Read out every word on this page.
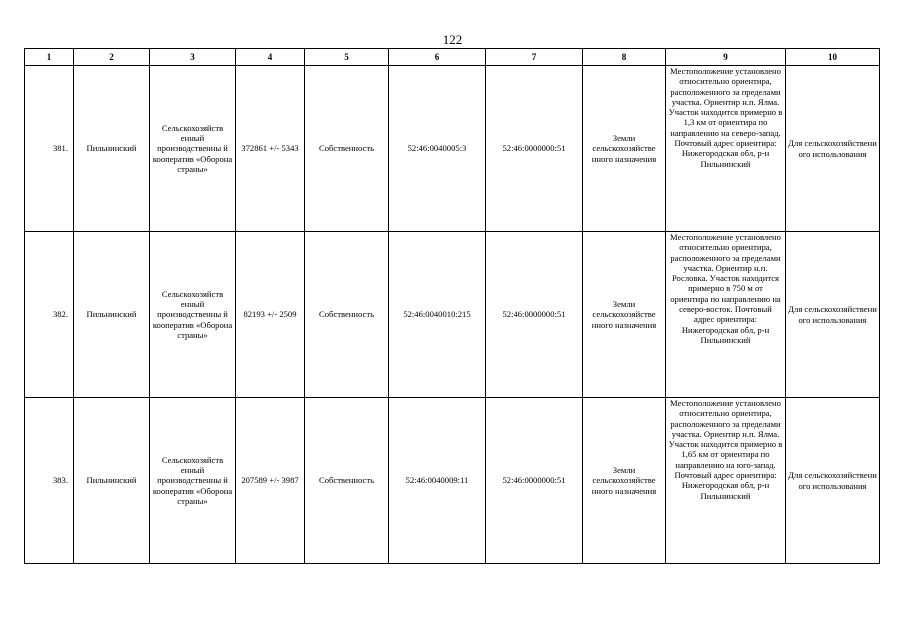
122
1	2	3	4	5	6	7	8	9	10
381.	Пильнинский	Сельскохозяйств енный производственны й кооператив «Оборона страны»	372861 +/- 5343	Собственность	52:46:0040005:3	52:46:0000000:51	Земли сельскохозяйстве нного назначения	Местоположение установлено относительно ориентира, расположенного за пределами участка. Ориентир н.п. Ялма. Участок находится примерно в 1,3 км от ориентира по направлению на северо-запад. Почтовый адрес ориентира: Нижегородская обл, р-н Пильнинский	Для сельскохозяйствени ого использования
382.	Пильнинский	Сельскохозяйств енный производственны й кооператив «Оборона страны»	82193 +/- 2509	Собственность	52:46:0040010:215	52:46:0000000:51	Земли сельскохозяйстве нного назначения	Местоположение установлено относительно ориентира, расположенного за пределами участка. Ориентир н.п. Рословка. Участок находится примерно в 750 м от ориентира по направлению на северо-восток. Почтовый адрес ориентира: Нижегородская обл, р-н Пильнинский	Для сельскохозяйствени ого использования
383.	Пильнинский	Сельскохозяйств енный производственны й кооператив «Оборона страны»	207589 +/- 3987	Собственность	52:46:0040009:11	52:46:0000000:51	Земли сельскохозяйстве нного назначения	Местоположение установлено относительно ориентира, расположенного за пределами участка. Ориентир н.п. Ялма. Участок находится примерно в 1,65 км от ориентира по направлению на юго-запад. Почтовый адрес ориентира: Нижегородская обл, р-н Пильнинский	Для сельскохозяйствени ого использования
